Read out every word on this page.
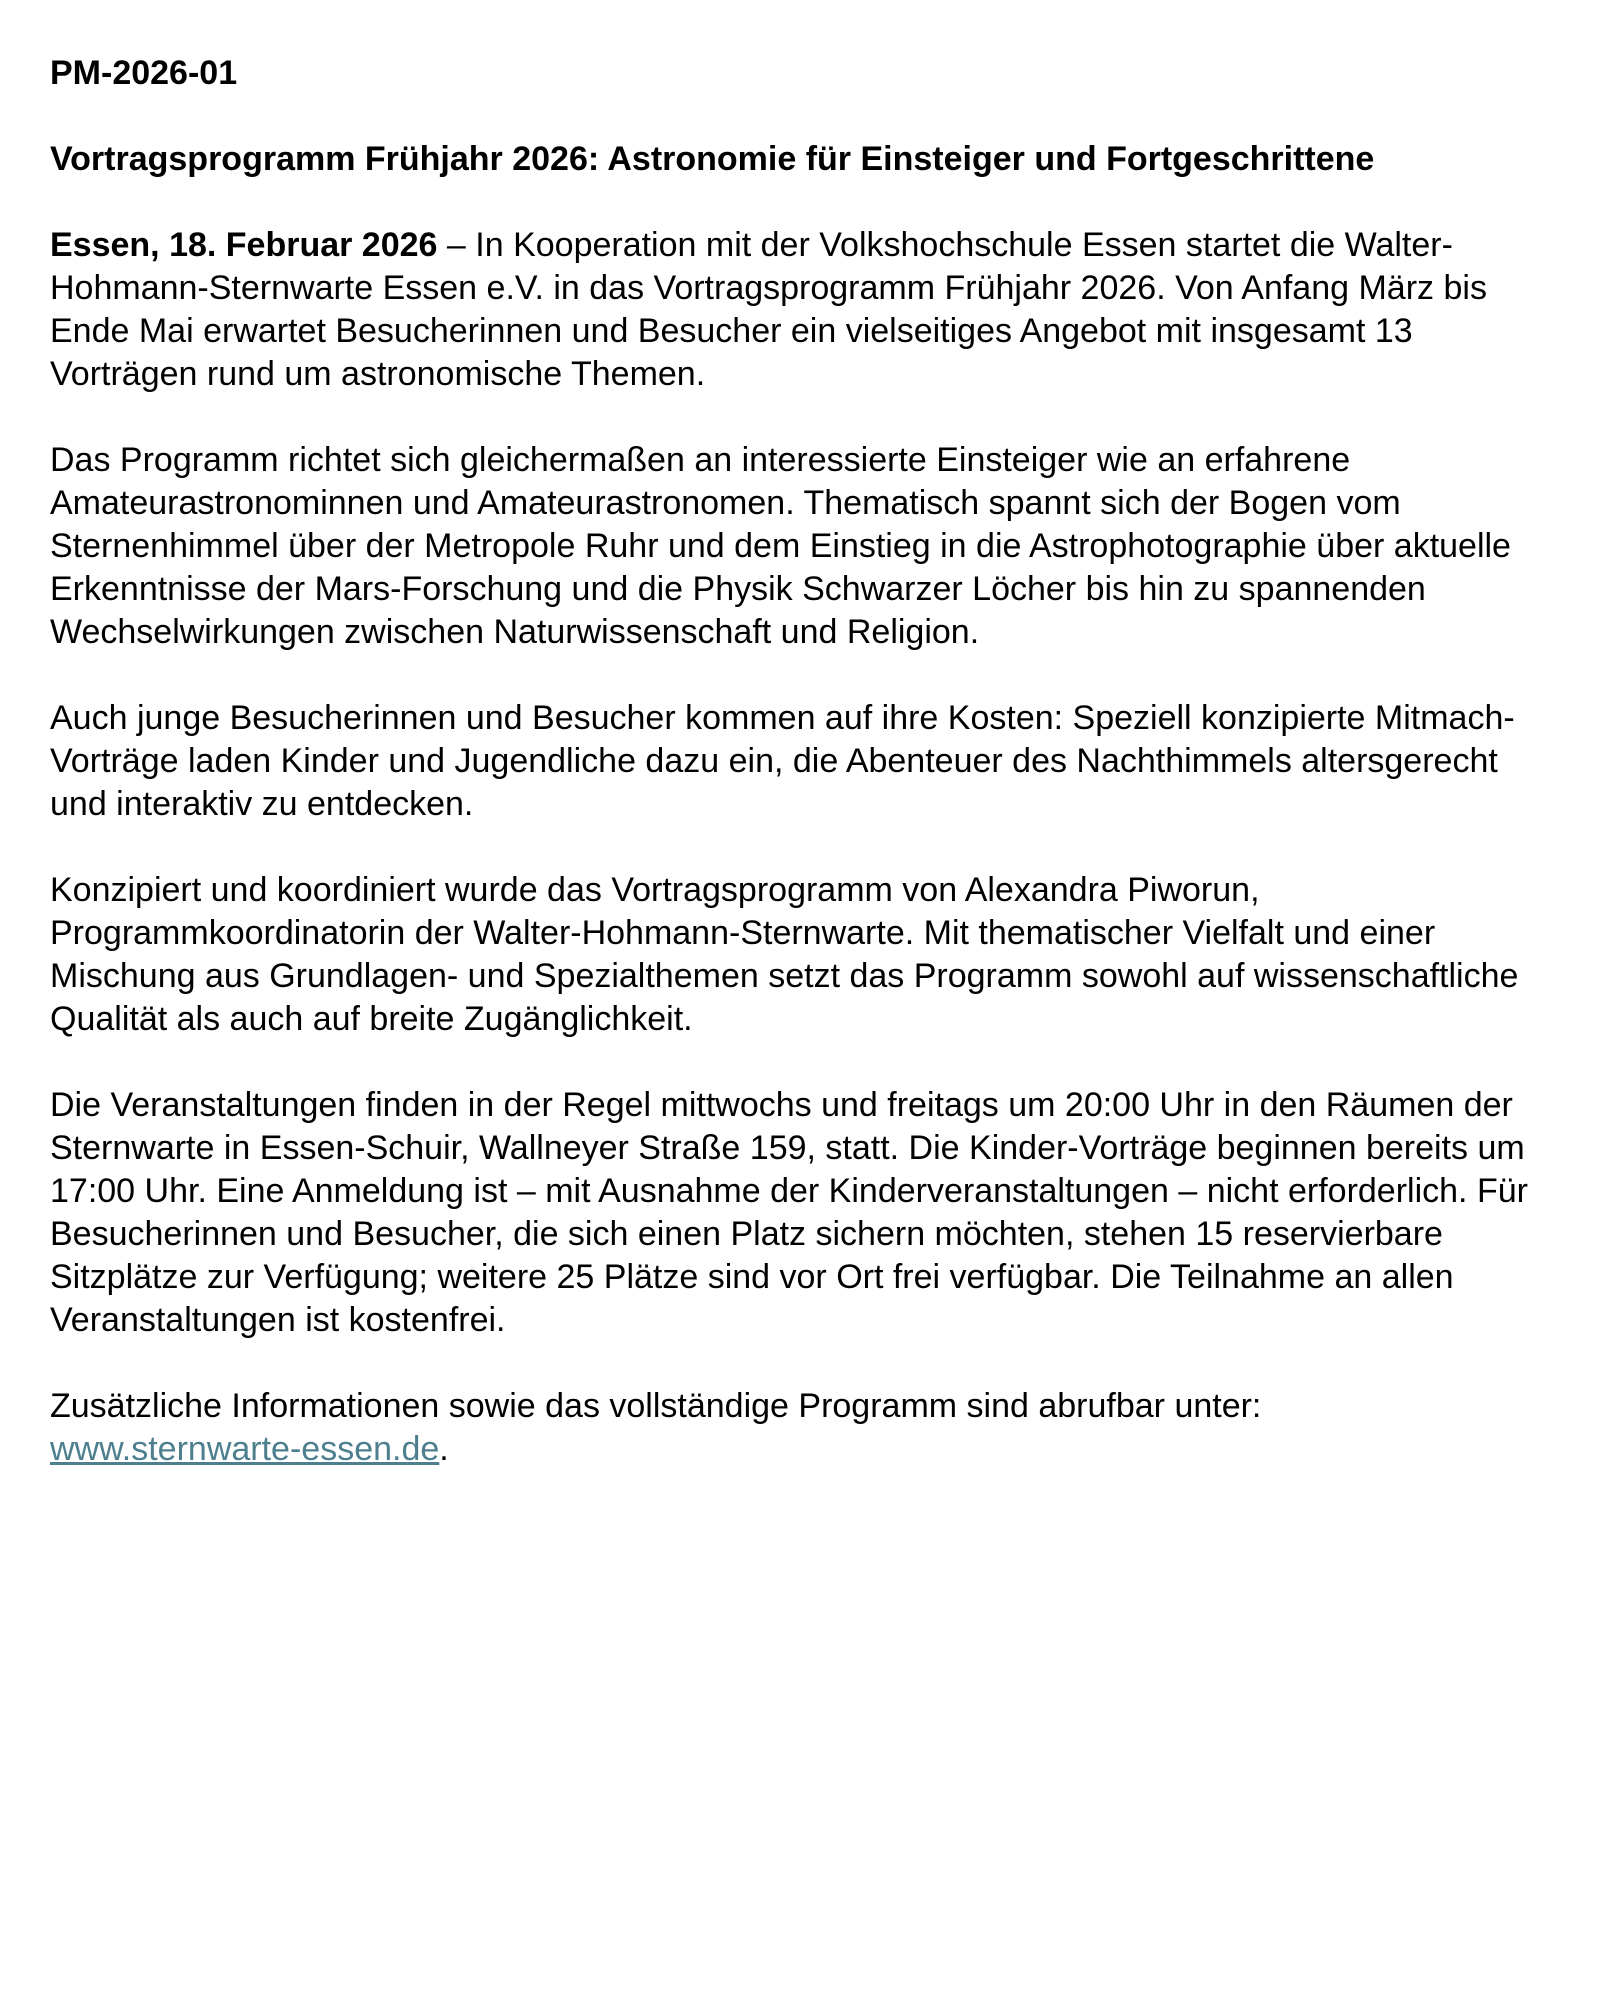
PM-2026-01

Vortragsprogramm Frühjahr 2026: Astronomie für Einsteiger und Fortgeschrittene

Essen, 18. Februar 2026 – In Kooperation mit der Volkshochschule Essen startet die Walter-Hohmann-Sternwarte Essen e.V. in das Vortragsprogramm Frühjahr 2026. Von Anfang März bis Ende Mai erwartet Besucherinnen und Besucher ein vielseitiges Angebot mit insgesamt 13 Vorträgen rund um astronomische Themen.

Das Programm richtet sich gleichermaßen an interessierte Einsteiger wie an erfahrene Amateurastronominnen und Amateurastronomen. Thematisch spannt sich der Bogen vom Sternenhimmel über der Metropole Ruhr und dem Einstieg in die Astrophotographie über aktuelle Erkenntnisse der Mars-Forschung und die Physik Schwarzer Löcher bis hin zu spannenden Wechselwirkungen zwischen Naturwissenschaft und Religion.

Auch junge Besucherinnen und Besucher kommen auf ihre Kosten: Speziell konzipierte Mitmach-Vorträge laden Kinder und Jugendliche dazu ein, die Abenteuer des Nachthimmels altersgerecht und interaktiv zu entdecken.

Konzipiert und koordiniert wurde das Vortragsprogramm von Alexandra Piworun, Programmkoordinatorin der Walter-Hohmann-Sternwarte. Mit thematischer Vielfalt und einer Mischung aus Grundlagen- und Spezialthemen setzt das Programm sowohl auf wissenschaftliche Qualität als auch auf breite Zugänglichkeit.

Die Veranstaltungen finden in der Regel mittwochs und freitags um 20:00 Uhr in den Räumen der Sternwarte in Essen-Schuir, Wallneyer Straße 159, statt. Die Kinder-Vorträge beginnen bereits um 17:00 Uhr. Eine Anmeldung ist – mit Ausnahme der Kinderveranstaltungen – nicht erforderlich. Für Besucherinnen und Besucher, die sich einen Platz sichern möchten, stehen 15 reservierbare Sitzplätze zur Verfügung; weitere 25 Plätze sind vor Ort frei verfügbar. Die Teilnahme an allen Veranstaltungen ist kostenfrei.

Zusätzliche Informationen sowie das vollständige Programm sind abrufbar unter:
www.sternwarte-essen.de.
